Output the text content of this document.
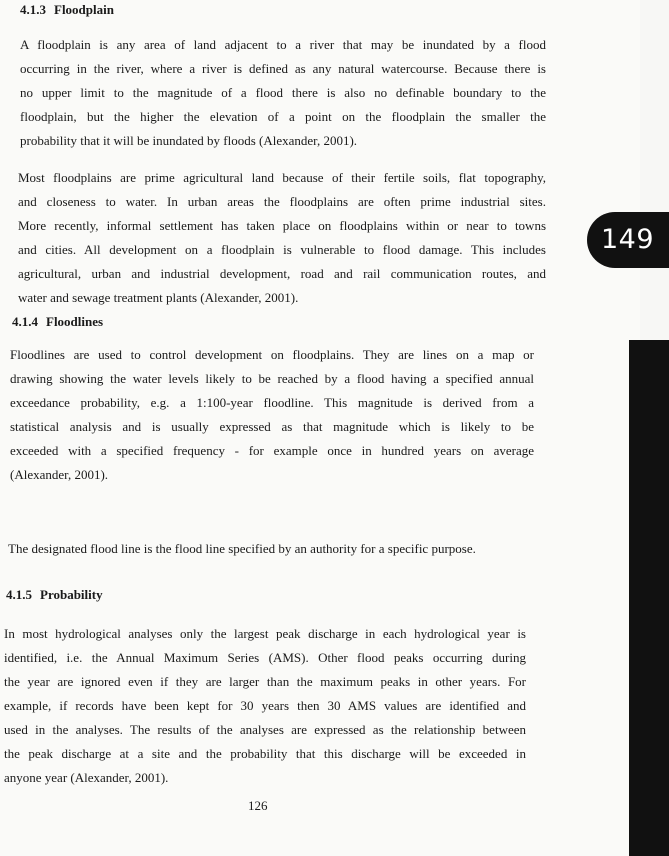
4.1.3 Floodplain

A floodplain is any area of land adjacent to a river that may be inundated by a flood
occurring in the river, where a river is defined as any natural watercourse. Because there is
no upper limit to the magnitude of a flood there is also no definable boundary to the
floodplain, but the higher the elevation of a point on the floodplain the smaller the
probability that it will be inundated by floods (Alexander, 2001).

Most floodplains are prime agricultural land because of their fertile soils, flat topography,
and closeness to water. In urban areas the floodplains are often prime industrial sites.
More recently, informal settlement has taken place on floodplains within or near to towns
and cities. All development on a floodplain is vulnerable to flood damage. This includes
agricultural, urban and industrial development, road and rail communication routes, and
water and sewage treatment plants (Alexander, 2001).

4.1.4 Floodlines

Floodlines are used to control development on floodplains. They are lines on a map or
drawing showing the water levels likely to be reached by a flood having a specified annual
exceedance probability, e.g. a 1:100-year floodline. This magnitude is derived from a
statistical analysis and is usually expressed as that magnitude which is likely to be
exceeded with a specified frequency - for example once in hundred years on average
(Alexander, 2001).

The designated flood line is the flood line specified by an authority for a specific purpose.

4.1.5 Probability

In most hydrological analyses only the largest peak discharge in each hydrological year is
identified, i.e. the Annual Maximum Series (AMS). Other flood peaks occurring during
the year are ignored even if they are larger than the maximum peaks in other years. For
example, if records have been kept for 30 years then 30 AMS values are identified and
used in the analyses. The results of the analyses are expressed as the relationship between
the peak discharge at a site and the probability that this discharge will be exceeded in
anyone year (Alexander, 2001).

126
149
